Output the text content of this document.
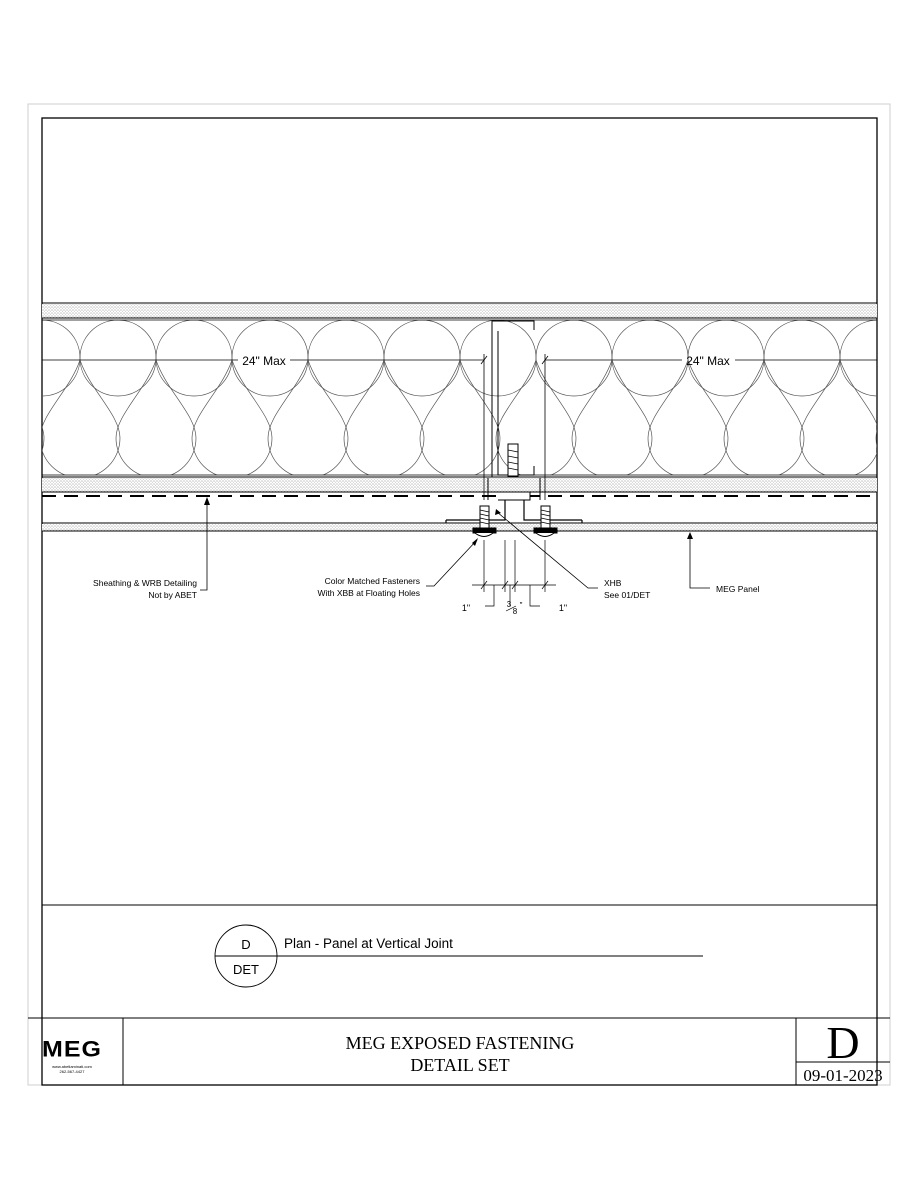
24" Max	24" Max
1"	3
8
"	1"
Sheathing & WRB Detailing
Not by ABET
Color Matched Fasteners
With XBB at Floating Holes
XHB
See 01/DET
MEG Panel
D
DET
Plan - Panel at Vertical Joint
MEG
www.abetlaminati.com
262-567-4427
MEG EXPOSED FASTENING
DETAIL SET	D
09-01-2023
